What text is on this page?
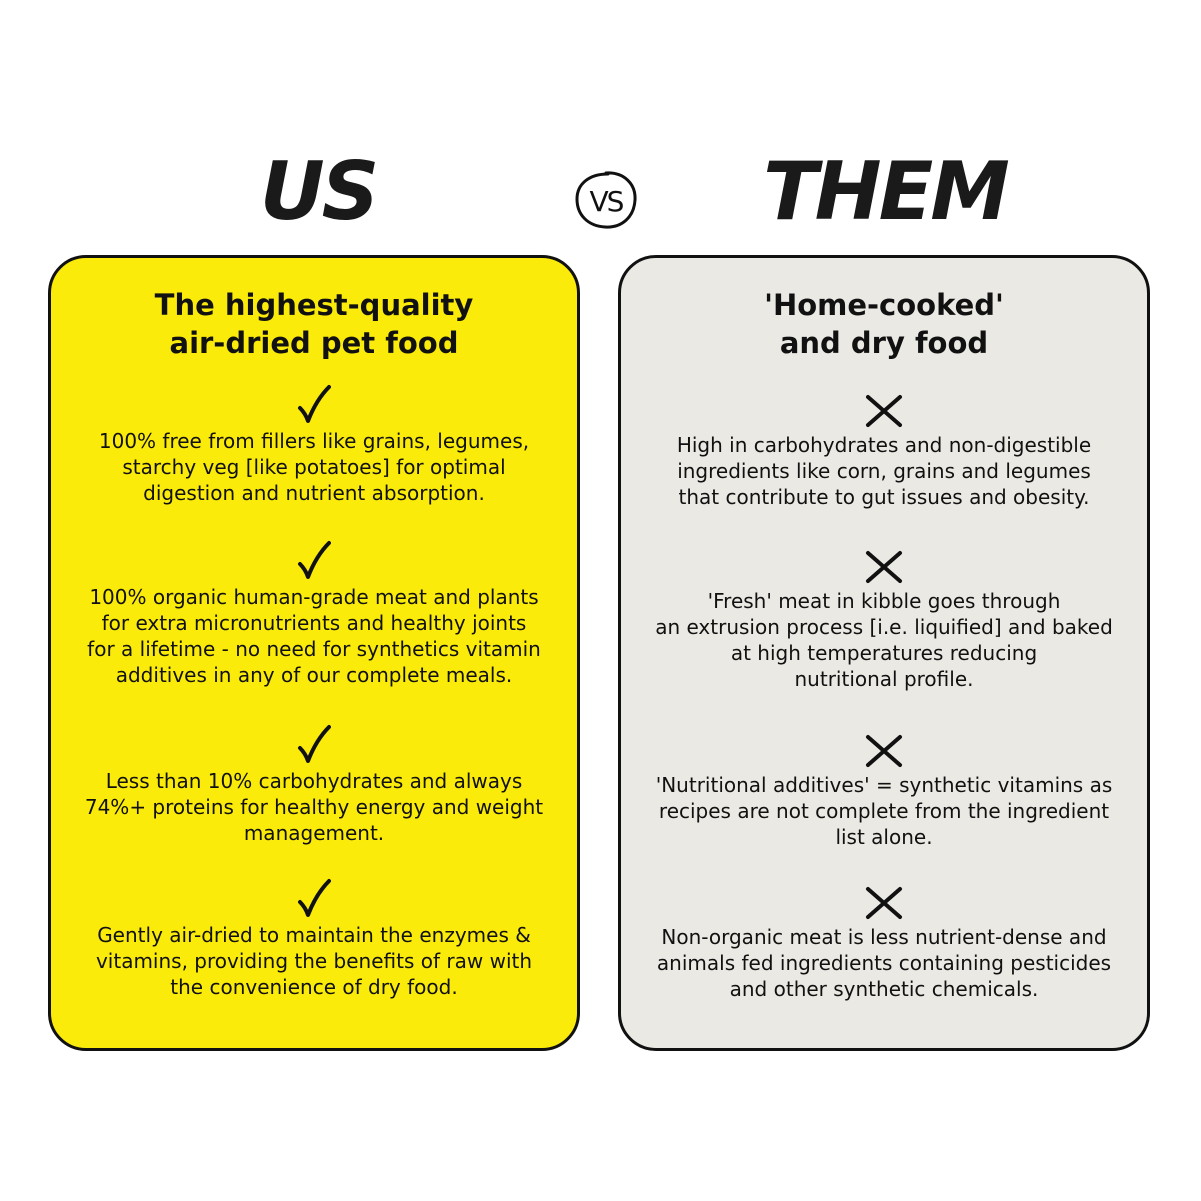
US	VS	THEM
The highest-quality
air-dried pet food
100% free from fillers like grains, legumes,
starchy veg [like potatoes] for optimal
digestion and nutrient absorption.
100% organic human-grade meat and plants
for extra micronutrients and healthy joints
for a lifetime - no need for synthetics vitamin
additives in any of our complete meals.
Less than 10% carbohydrates and always
74%+ proteins for healthy energy and weight
management.
Gently air-dried to maintain the enzymes &
vitamins, providing the benefits of raw with
the convenience of dry food.
'Home-cooked'
and dry food
High in carbohydrates and non-digestible
ingredients like corn, grains and legumes
that contribute to gut issues and obesity.
'Fresh' meat in kibble goes through
an extrusion process [i.e. liquified] and baked
at high temperatures reducing
nutritional profile.
'Nutritional additives' = synthetic vitamins as
recipes are not complete from the ingredient
list alone.
Non-organic meat is less nutrient-dense and
animals fed ingredients containing pesticides
and other synthetic chemicals.
